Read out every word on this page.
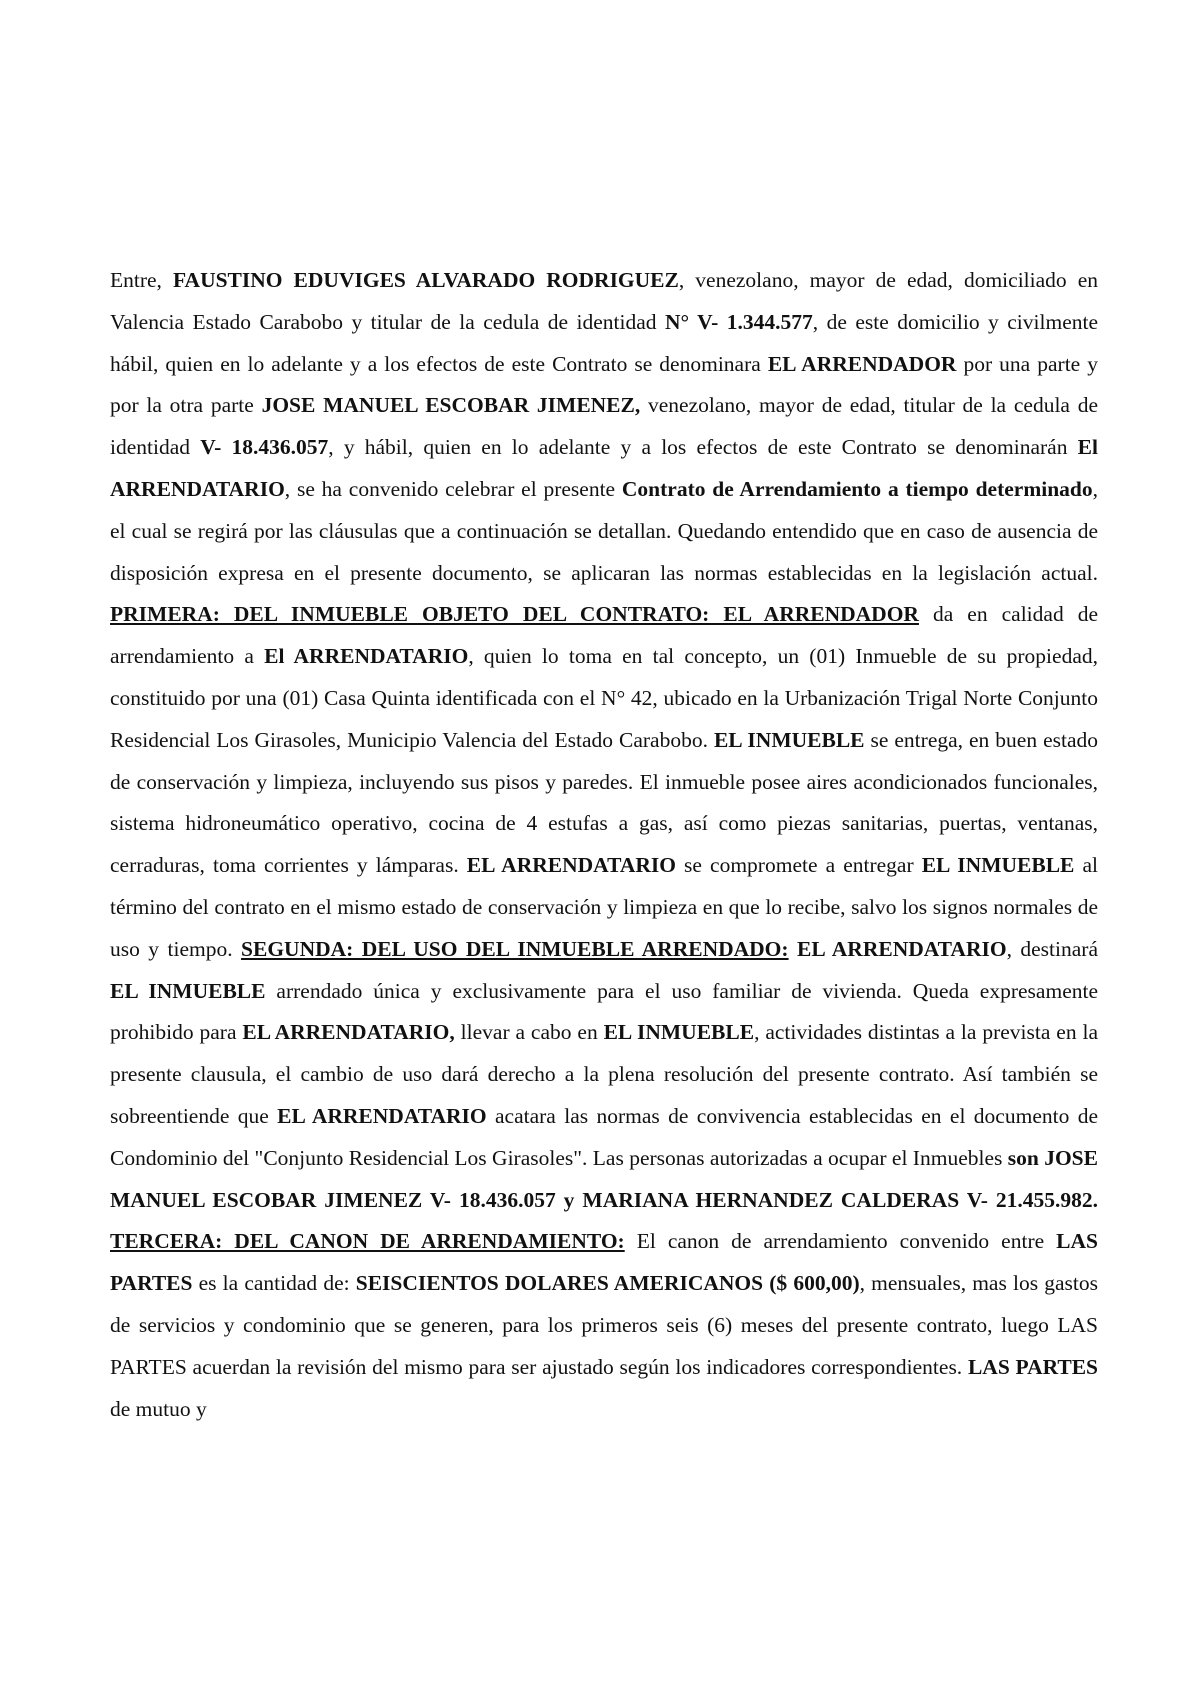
Entre, FAUSTINO EDUVIGES ALVARADO RODRIGUEZ, venezolano, mayor de edad, domiciliado en Valencia Estado Carabobo y titular de la cedula de identidad N° V- 1.344.577, de este domicilio y civilmente hábil, quien en lo adelante y a los efectos de este Contrato se denominara EL ARRENDADOR por una parte y por la otra parte JOSE MANUEL ESCOBAR JIMENEZ, venezolano, mayor de edad, titular de la cedula de identidad V- 18.436.057, y hábil, quien en lo adelante y a los efectos de este Contrato se denominarán El ARRENDATARIO, se ha convenido celebrar el presente Contrato de Arrendamiento a tiempo determinado, el cual se regirá por las cláusulas que a continuación se detallan. Quedando entendido que en caso de ausencia de disposición expresa en el presente documento, se aplicaran las normas establecidas en la legislación actual. PRIMERA: DEL INMUEBLE OBJETO DEL CONTRATO: EL ARRENDADOR da en calidad de arrendamiento a El ARRENDATARIO, quien lo toma en tal concepto, un (01) Inmueble de su propiedad, constituido por una (01) Casa Quinta identificada con el N° 42, ubicado en la Urbanización Trigal Norte Conjunto Residencial Los Girasoles, Municipio Valencia del Estado Carabobo. EL INMUEBLE se entrega, en buen estado de conservación y limpieza, incluyendo sus pisos y paredes. El inmueble posee aires acondicionados funcionales, sistema hidroneumático operativo, cocina de 4 estufas a gas, así como piezas sanitarias, puertas, ventanas, cerraduras, toma corrientes y lámparas. EL ARRENDATARIO se compromete a entregar EL INMUEBLE al término del contrato en el mismo estado de conservación y limpieza en que lo recibe, salvo los signos normales de uso y tiempo. SEGUNDA: DEL USO DEL INMUEBLE ARRENDADO: EL ARRENDATARIO, destinará EL INMUEBLE arrendado única y exclusivamente para el uso familiar de vivienda. Queda expresamente prohibido para EL ARRENDATARIO, llevar a cabo en EL INMUEBLE, actividades distintas a la prevista en la presente clausula, el cambio de uso dará derecho a la plena resolución del presente contrato. Así también se sobreentiende que EL ARRENDATARIO acatara las normas de convivencia establecidas en el documento de Condominio del "Conjunto Residencial Los Girasoles". Las personas autorizadas a ocupar el Inmuebles son JOSE MANUEL ESCOBAR JIMENEZ V- 18.436.057 y MARIANA HERNANDEZ CALDERAS V- 21.455.982. TERCERA: DEL CANON DE ARRENDAMIENTO: El canon de arrendamiento convenido entre LAS PARTES es la cantidad de: SEISCIENTOS DOLARES AMERICANOS ($ 600,00), mensuales, mas los gastos de servicios y condominio que se generen, para los primeros seis (6) meses del presente contrato, luego LAS PARTES acuerdan la revisión del mismo para ser ajustado según los indicadores correspondientes. LAS PARTES de mutuo y
